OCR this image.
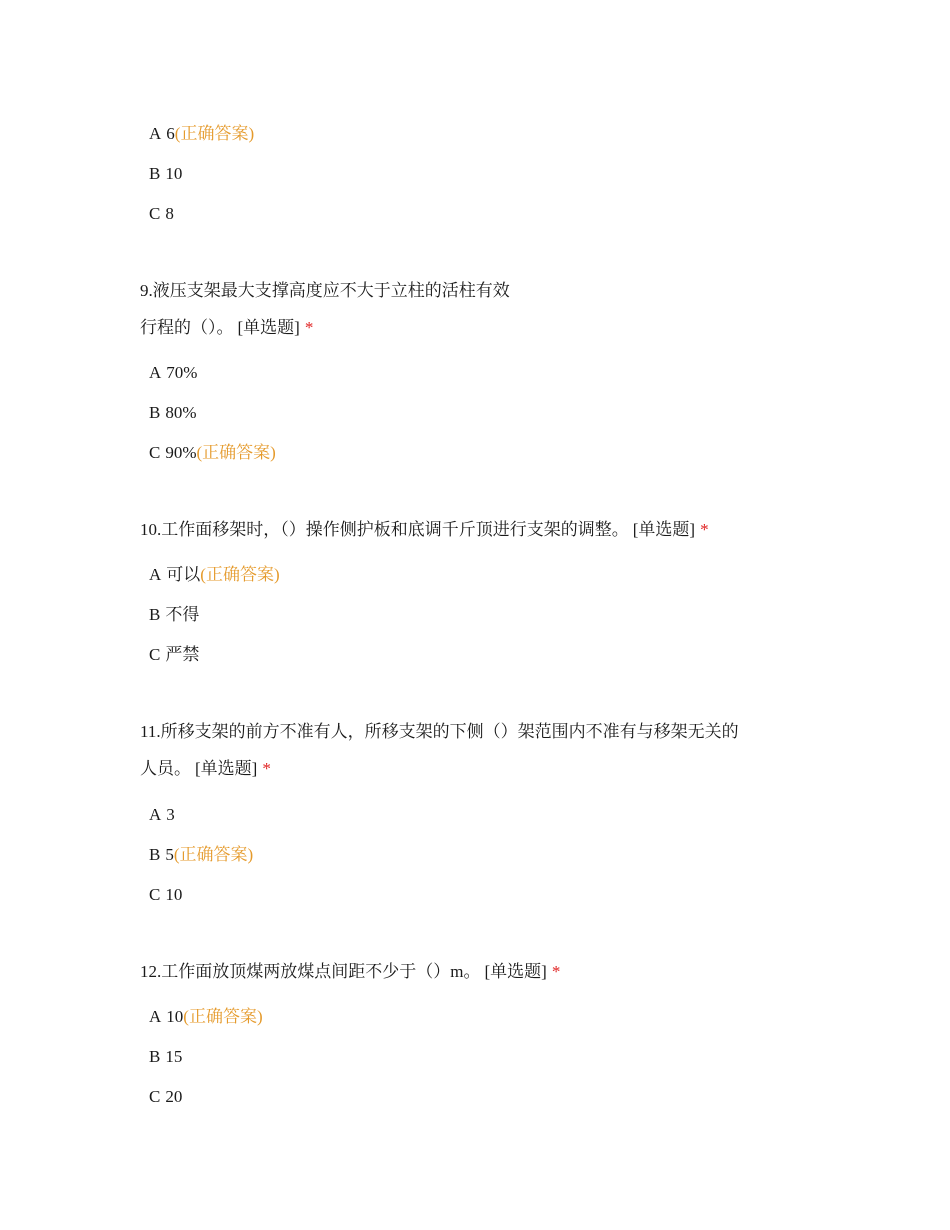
A 6(正确答案)
B 10
C 8
9.液压支架最大支撑高度应不大于立柱的活柱有效
行程的（）。 [单选题] *
A 70%
B 80%
C 90%(正确答案)
10.工作面移架时，（）操作侧护板和底调千斤顶进行支架的调整。 [单选题] *
A 可以(正确答案)
B 不得
C 严禁
11.所移支架的前方不准有人，所移支架的下侧（）架范围内不准有与移架无关的
人员。 [单选题] *
A 3
B 5(正确答案)
C 10
12.工作面放顶煤两放煤点间距不少于（）m。 [单选题] *
A 10(正确答案)
B 15
C 20
